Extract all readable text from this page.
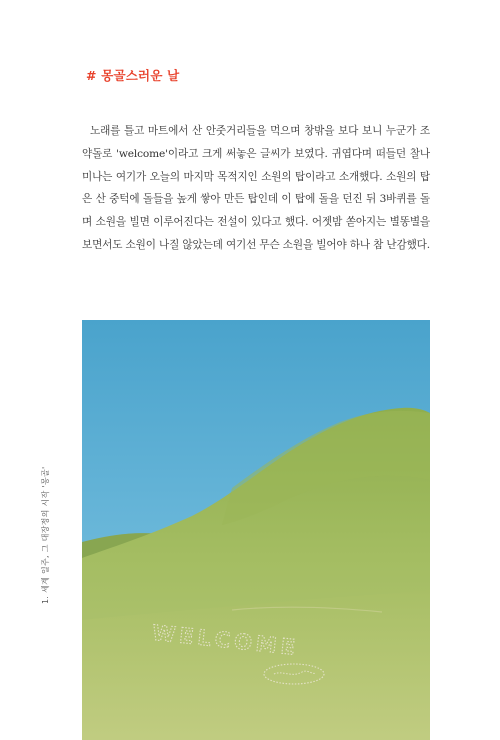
# 몽골스러운 날

노래를 틀고 마트에서 산 안줏거리들을 먹으며 창밖을 보다 보니 누군가 조약돌로 'welcome'이라고 크게 써놓은 글씨가 보였다. 귀엽다며 떠들던 찰나 미나는 여기가 오늘의 마지막 목적지인 소원의 탑이라고 소개했다. 소원의 탑은 산 중턱에 돌들을 높게 쌓아 만든 탑인데 이 탑에 돌을 던진 뒤 3바퀴를 돌며 소원을 빌면 이루어진다는 전설이 있다고 했다. 어젯밤 쏟아지는 별똥별을 보면서도 소원이 나질 않았는데 여기선 무슨 소원을 빌어야 하나 참 난감했다.

WELCOME
1. 세계 일주, 그 대장정의 시작 '몽골'
